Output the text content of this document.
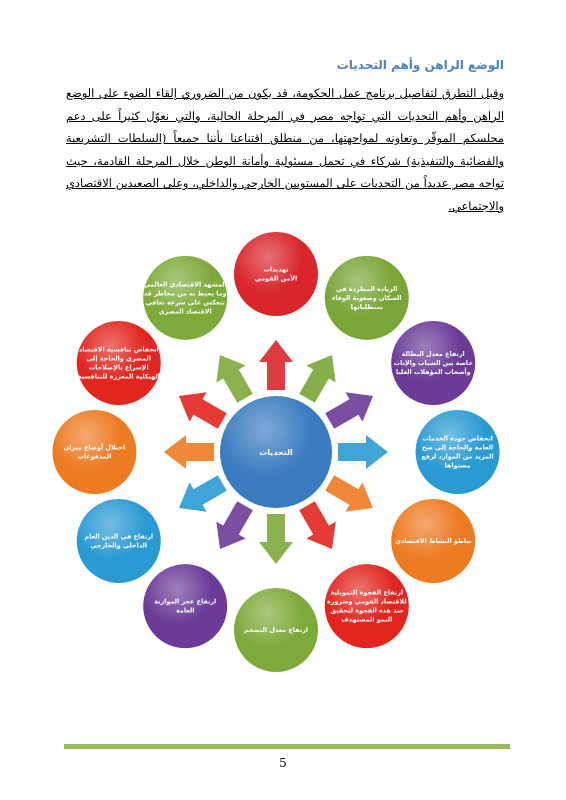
الوضع الراهن وأهم التحديات
وقبل التطرق لتفاصيل برنامج عمل الحكومة، قد يكون من الضروري إلقاء الضوء على الوضع الراهن وأهم التحديات التي تواجه مصر في المرحلة الحالية، والتي نعوّل كثيراً على دعم مجلسكم الموقّر وتعاونه لمواجهتها، من منطلق اقتناعنا بأننا جميعاً (السلطات التشريعية والقضائية والتنفيذية) شركاء في تحمل مسئولية وأمانة الوطن خلال المرحلة القادمة، حيث تواجه مصر عديداً من التحديات على المستويين الخارجي والداخلي، وعلى الصعيدين الاقتصادي والاجتماعي.
تهديدات
الأمن القومي
الزيادة المطردة في
السكان وصعوبة الوفاء
بمتطلباتها
ارتفاع معدل البطالة
خاصة بين الشباب والإناث
وأصحاب المؤهلات العليا
انخفاض جودة الخدمات
العامة والحاجة إلى ضخ
المزيد من الموارد لرفع
مستواها
تباطؤ النشاط الاقتصادي
ارتفاع الفجوة التمويلية
للاقتصاد القومي وضرورة
سد هذه الفجوة لتحقيق
النمو المستهدف
ارتفاع معدل التضخم
ارتفاع عجز الموازنة
العامة
ارتفاع في الدين العام
الداخلي والخارجي
اختلال أوضاع ميزان
المدفوعات
انخفاض تنافسية الاقتصاد
المصري والحاجة إلى
الإسراع بالإصلاحات
الهيكلية المعززة للتنافسية
المشهد الاقتصادي العالمي
وما يحيط به من مخاطر قد
تنعكس على سرعة تعافي
الاقتصاد المصري
التحديات
5
